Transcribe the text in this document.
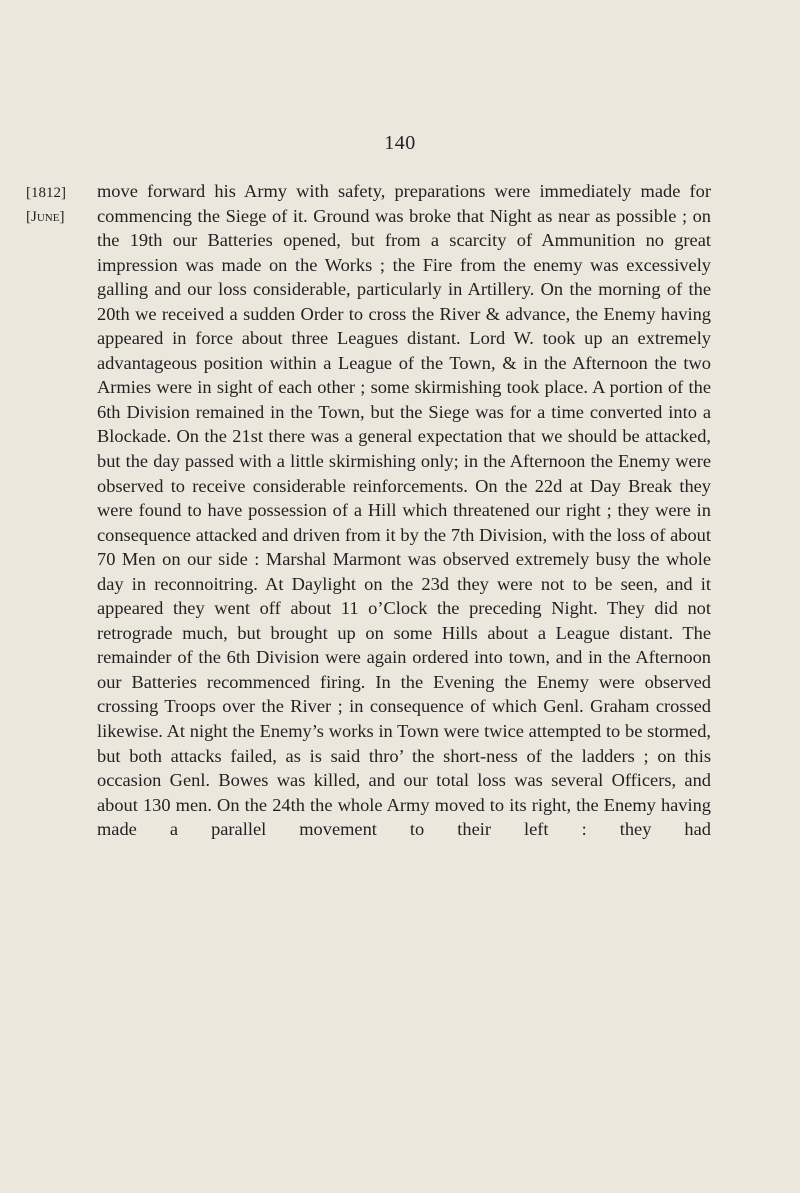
140
[1812]
[June]

move forward his Army with safety, preparations were immediately made for commencing the Siege of it. Ground was broke that Night as near as possible ; on the 19th our Batteries opened, but from a scarcity of Ammunition no great impression was made on the Works ; the Fire from the enemy was excessively galling and our loss considerable, particularly in Artillery. On the morning of the 20th we received a sudden Order to cross the River & advance, the Enemy having appeared in force about three Leagues distant. Lord W. took up an extremely advantageous position within a League of the Town, & in the Afternoon the two Armies were in sight of each other ; some skirmishing took place. A portion of the 6th Division remained in the Town, but the Siege was for a time converted into a Blockade. On the 21st there was a general expectation that we should be attacked, but the day passed with a little skirmishing only; in the Afternoon the Enemy were observed to receive considerable reinforcements. On the 22d at Day Break they were found to have possession of a Hill which threatened our right ; they were in consequence attacked and driven from it by the 7th Division, with the loss of about 70 Men on our side : Marshal Marmont was observed extremely busy the whole day in reconnoitring. At Daylight on the 23d they were not to be seen, and it appeared they went off about 11 o’Clock the preceding Night. They did not retrograde much, but brought up on some Hills about a League distant. The remainder of the 6th Division were again ordered into town, and in the Afternoon our Batteries recommenced firing. In the Evening the Enemy were observed crossing Troops over the River ; in consequence of which Genl. Graham crossed likewise. At night the Enemy’s works in Town were twice attempted to be stormed, but both attacks failed, as is said thro’ the short-ness of the ladders ; on this occasion Genl. Bowes was killed, and our total loss was several Officers, and about 130 men. On the 24th the whole Army moved to its right, the Enemy having made a parallel movement to their left : they had
